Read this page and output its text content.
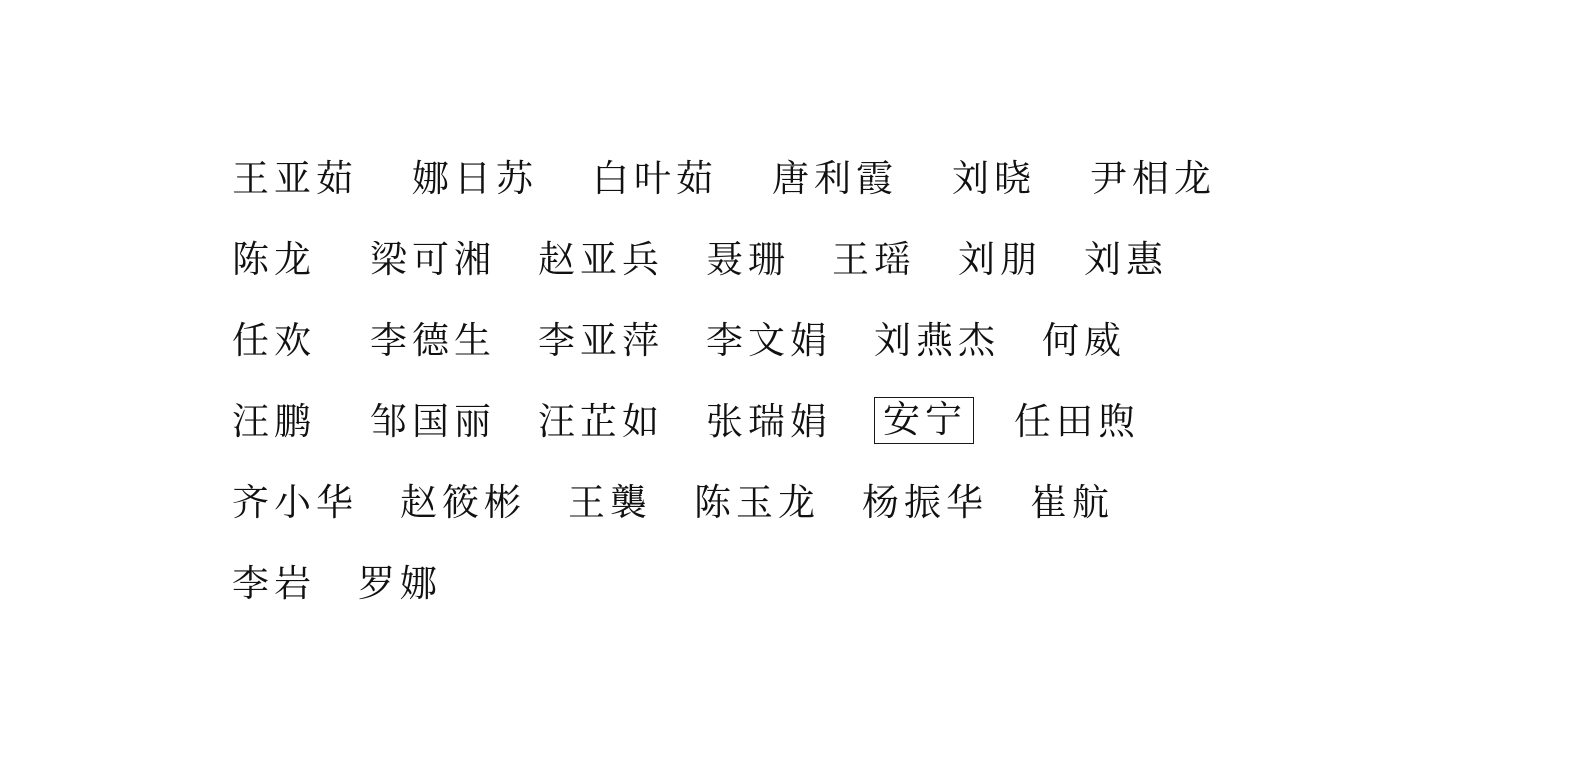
王亚茹 娜日苏 白叶茹 唐利霞 刘晓 尹相龙
陈龙 梁可湘 赵亚兵 聂珊 王瑶 刘朋 刘惠
任欢 李德生 李亚萍 李文娟 刘燕杰 何威
汪鹏 邹国丽 汪芷如 张瑞娟 安宁 任田煦
齐小华 赵筱彬 王襲 陈玉龙 杨振华 崔航
李岩 罗娜
